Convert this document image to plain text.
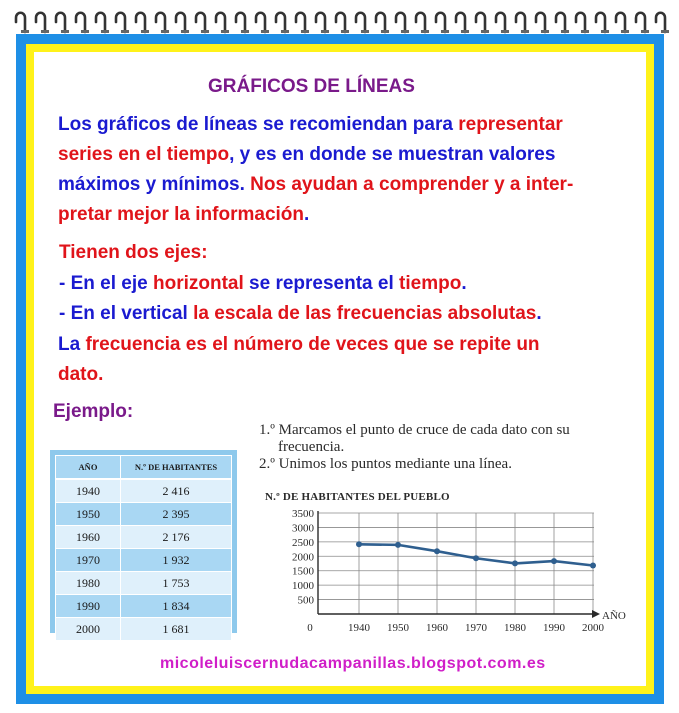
GRÁFICOS DE LÍNEAS
Los gráficos de líneas se recomiendan para representar
series en el tiempo, y es en donde se muestran valores
máximos y mínimos. Nos ayudan a comprender y a inter-
pretar mejor la información.
Tienen dos ejes:
- En el eje horizontal se representa el tiempo.
- En el vertical la escala de las frecuencias absolutas.
La frecuencia es el número de veces que se repite un
dato.
Ejemplo:
AÑO	N.º DE HABITANTES
1940	2 416
1950	2 395
1960	2 176
1970	1 932
1980	1 753
1990	1 834
2000	1 681
1.º Marcamos el punto de cruce de cada dato con su
frecuencia.
2.º Unimos los puntos mediante una línea.
N.º DE HABITANTES DEL PUEBLO
500
1000
1500
2000
2500
3000
3500
1940 1950 1960 1970 1980 1990 2000
0
AÑO
micoleluiscernudacampanillas.blogspot.com.es
